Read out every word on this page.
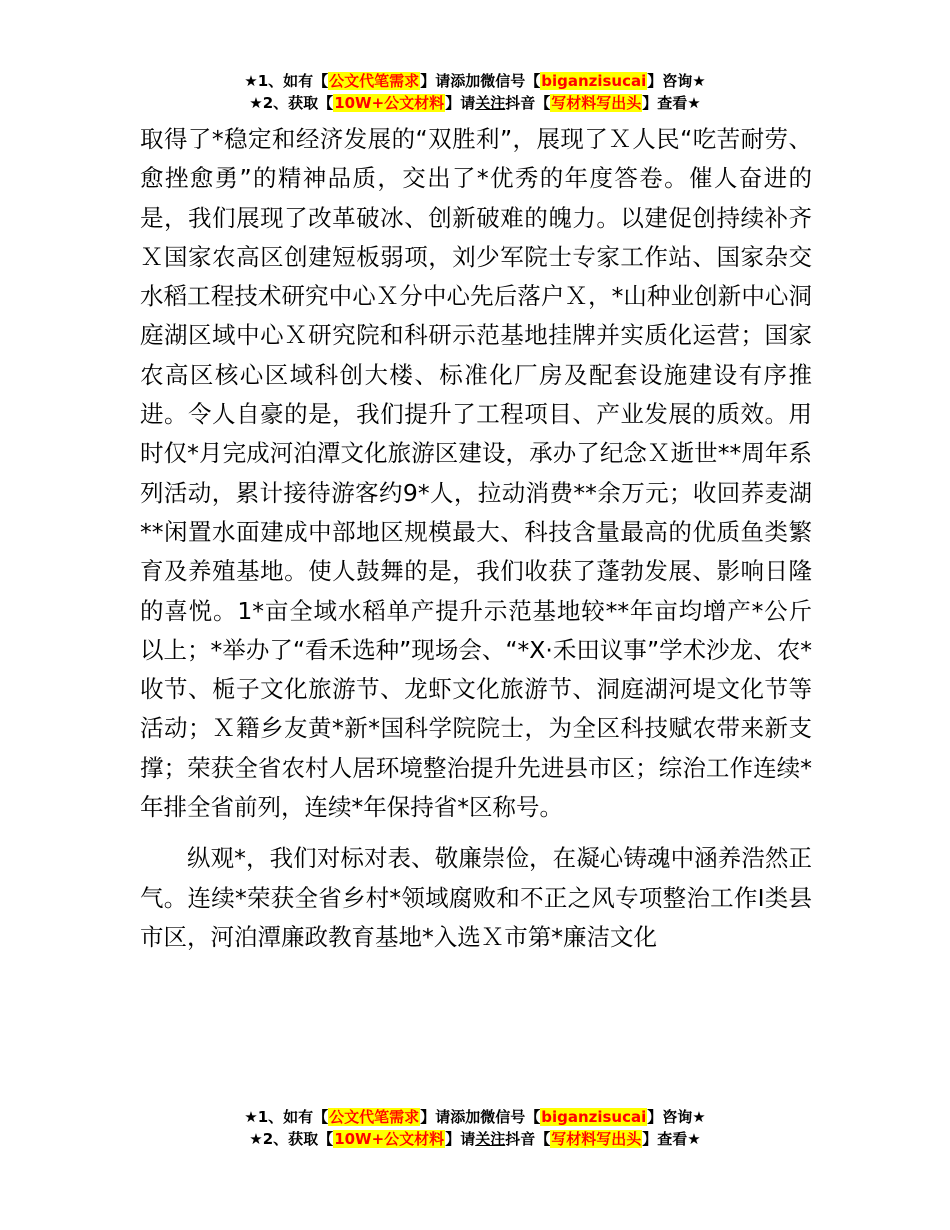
★1、如有【公文代笔需求】请添加微信号【biganzisucai】咨询★
★2、获取【10W+公文材料】请关注抖音【写材料写出头】查看★

取得了*稳定和经济发展的“双胜利”，展现了Ｘ人民“吃苦耐劳、愈挫愈勇”的精神品质，交出了*优秀的年度答卷。催人奋进的是，我们展现了改革破冰、创新破难的魄力。以建促创持续补齐Ｘ国家农高区创建短板弱项，刘少军院士专家工作站、国家杂交水稻工程技术研究中心Ｘ分中心先后落户Ｘ，*山种业创新中心洞庭湖区域中心Ｘ研究院和科研示范基地挂牌并实质化运营；国家农高区核心区域科创大楼、标准化厂房及配套设施建设有序推进。令人自豪的是，我们提升了工程项目、产业发展的质效。用时仅*月完成河泊潭文化旅游区建设，承办了纪念Ｘ逝世**周年系列活动，累计接待游客约9*人，拉动消费**余万元；收回荞麦湖**闲置水面建成中部地区规模最大、科技含量最高的优质鱼类繁育及养殖基地。使人鼓舞的是，我们收获了蓬勃发展、影响日隆的喜悦。1*亩全域水稻单产提升示范基地较**年亩均增产*公斤以上；*举办了“看禾选种”现场会、“*X·禾田议事”学术沙龙、农*收节、栀子文化旅游节、龙虾文化旅游节、洞庭湖河堤文化节等活动；Ｘ籍乡友黄*新*国科学院院士，为全区科技赋农带来新支撑；荣获全省农村人居环境整治提升先进县市区；综治工作连续*年排全省前列，连续*年保持省*区称号。

纵观*，我们对标对表、敬廉崇俭，在凝心铸魂中涵养浩然正气。连续*荣获全省乡村*领域腐败和不正之风专项整治工作Ⅰ类县市区，河泊潭廉政教育基地*入选Ｘ市第*廉洁文化

★1、如有【公文代笔需求】请添加微信号【biganzisucai】咨询★
★2、获取【10W+公文材料】请关注抖音【写材料写出头】查看★
